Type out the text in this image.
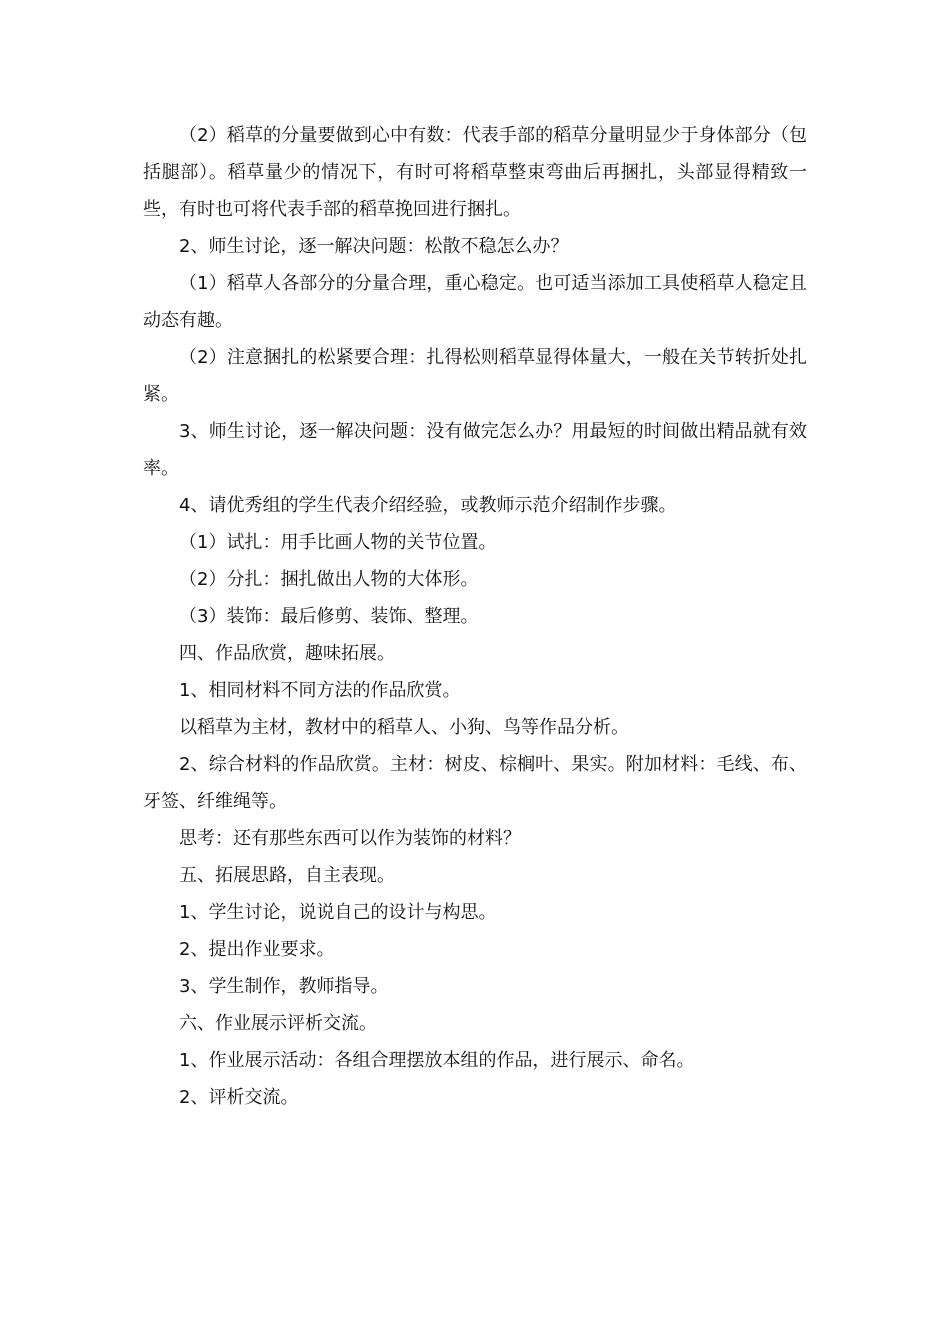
（2）稻草的分量要做到心中有数：代表手部的稻草分量明显少于身体部分（包括腿部）。稻草量少的情况下，有时可将稻草整束弯曲后再捆扎，头部显得精致一些，有时也可将代表手部的稻草挽回进行捆扎。

2、师生讨论，逐一解决问题：松散不稳怎么办？

（1）稻草人各部分的分量合理，重心稳定。也可适当添加工具使稻草人稳定且动态有趣。

（2）注意捆扎的松紧要合理：扎得松则稻草显得体量大，一般在关节转折处扎紧。

3、师生讨论，逐一解决问题：没有做完怎么办？用最短的时间做出精品就有效率。

4、请优秀组的学生代表介绍经验，或教师示范介绍制作步骤。

（1）试扎：用手比画人物的关节位置。

（2）分扎：捆扎做出人物的大体形。

（3）装饰：最后修剪、装饰、整理。

四、作品欣赏，趣味拓展。

1、相同材料不同方法的作品欣赏。

以稻草为主材，教材中的稻草人、小狗、鸟等作品分析。

2、综合材料的作品欣赏。主材：树皮、棕榈叶、果实。附加材料：毛线、布、牙签、纤维绳等。

思考：还有那些东西可以作为装饰的材料？

五、拓展思路，自主表现。

1、学生讨论，说说自己的设计与构思。

2、提出作业要求。

3、学生制作，教师指导。

六、作业展示评析交流。

1、作业展示活动：各组合理摆放本组的作品，进行展示、命名。

2、评析交流。
